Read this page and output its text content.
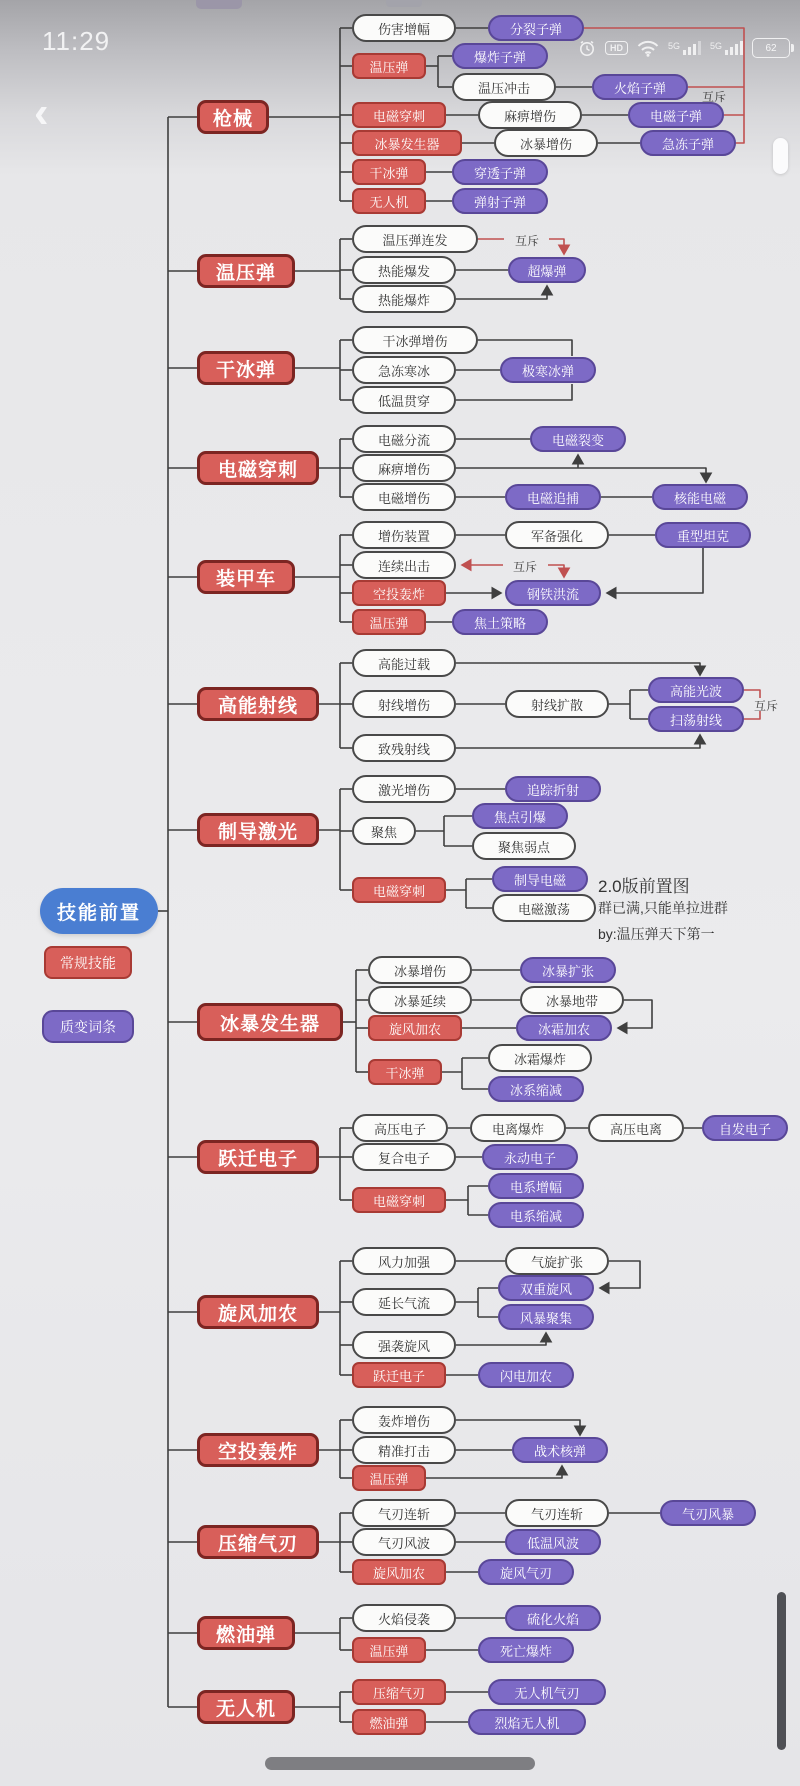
11:29	HD	5G	5G	62
‹
技能前置
常规技能
质变词条
枪械
温压弹
干冰弹
电磁穿刺
装甲车
高能射线
制导激光
冰暴发生器
跃迁电子
旋风加农
空投轰炸
压缩气刃
燃油弹
无人机
伤害增幅	分裂子弹
温压弹
爆炸子弹
温压冲击	火焰子弹
电磁穿刺	麻痹增伤	电磁子弹
冰暴发生器	冰暴增伤	急冻子弹
干冰弹	穿透子弹
无人机	弹射子弹
温压弹连发
热能爆发	超爆弹
热能爆炸
干冰弹增伤
急冻寒冰	极寒冰弹
低温贯穿
电磁分流	电磁裂变
麻痹增伤
电磁增伤	电磁追捕	核能电磁
增伤装置	军备强化	重型坦克
连续出击
空投轰炸	钢铁洪流
温压弹	焦土策略
高能过载
射线增伤	射线扩散
高能光波
扫荡射线
致残射线
激光增伤	追踪折射
聚焦
焦点引爆
聚焦弱点
电磁穿刺
制导电磁
电磁激荡
冰暴增伤	冰暴扩张
冰暴延续	冰暴地带
旋风加农	冰霜加农
干冰弹
冰霜爆炸
冰系缩减
高压电子	电离爆炸	高压电离	自发电子
复合电子	永动电子
电磁穿刺
电系增幅
电系缩减
风力加强	气旋扩张
延长气流
双重旋风
风暴聚集
强袭旋风
跃迁电子	闪电加农
轰炸增伤
精准打击	战术核弹
温压弹
气刃连斩	气刃连斩	气刃风暴
气刃风波	低温风波
旋风加农	旋风气刃
火焰侵袭	硫化火焰
温压弹	死亡爆炸
压缩气刃	无人机气刃
燃油弹	烈焰无人机
2.0版前置图
群已满,只能单拉进群
by:温压弹天下第一
互斥
互斥
互斥
互斥
